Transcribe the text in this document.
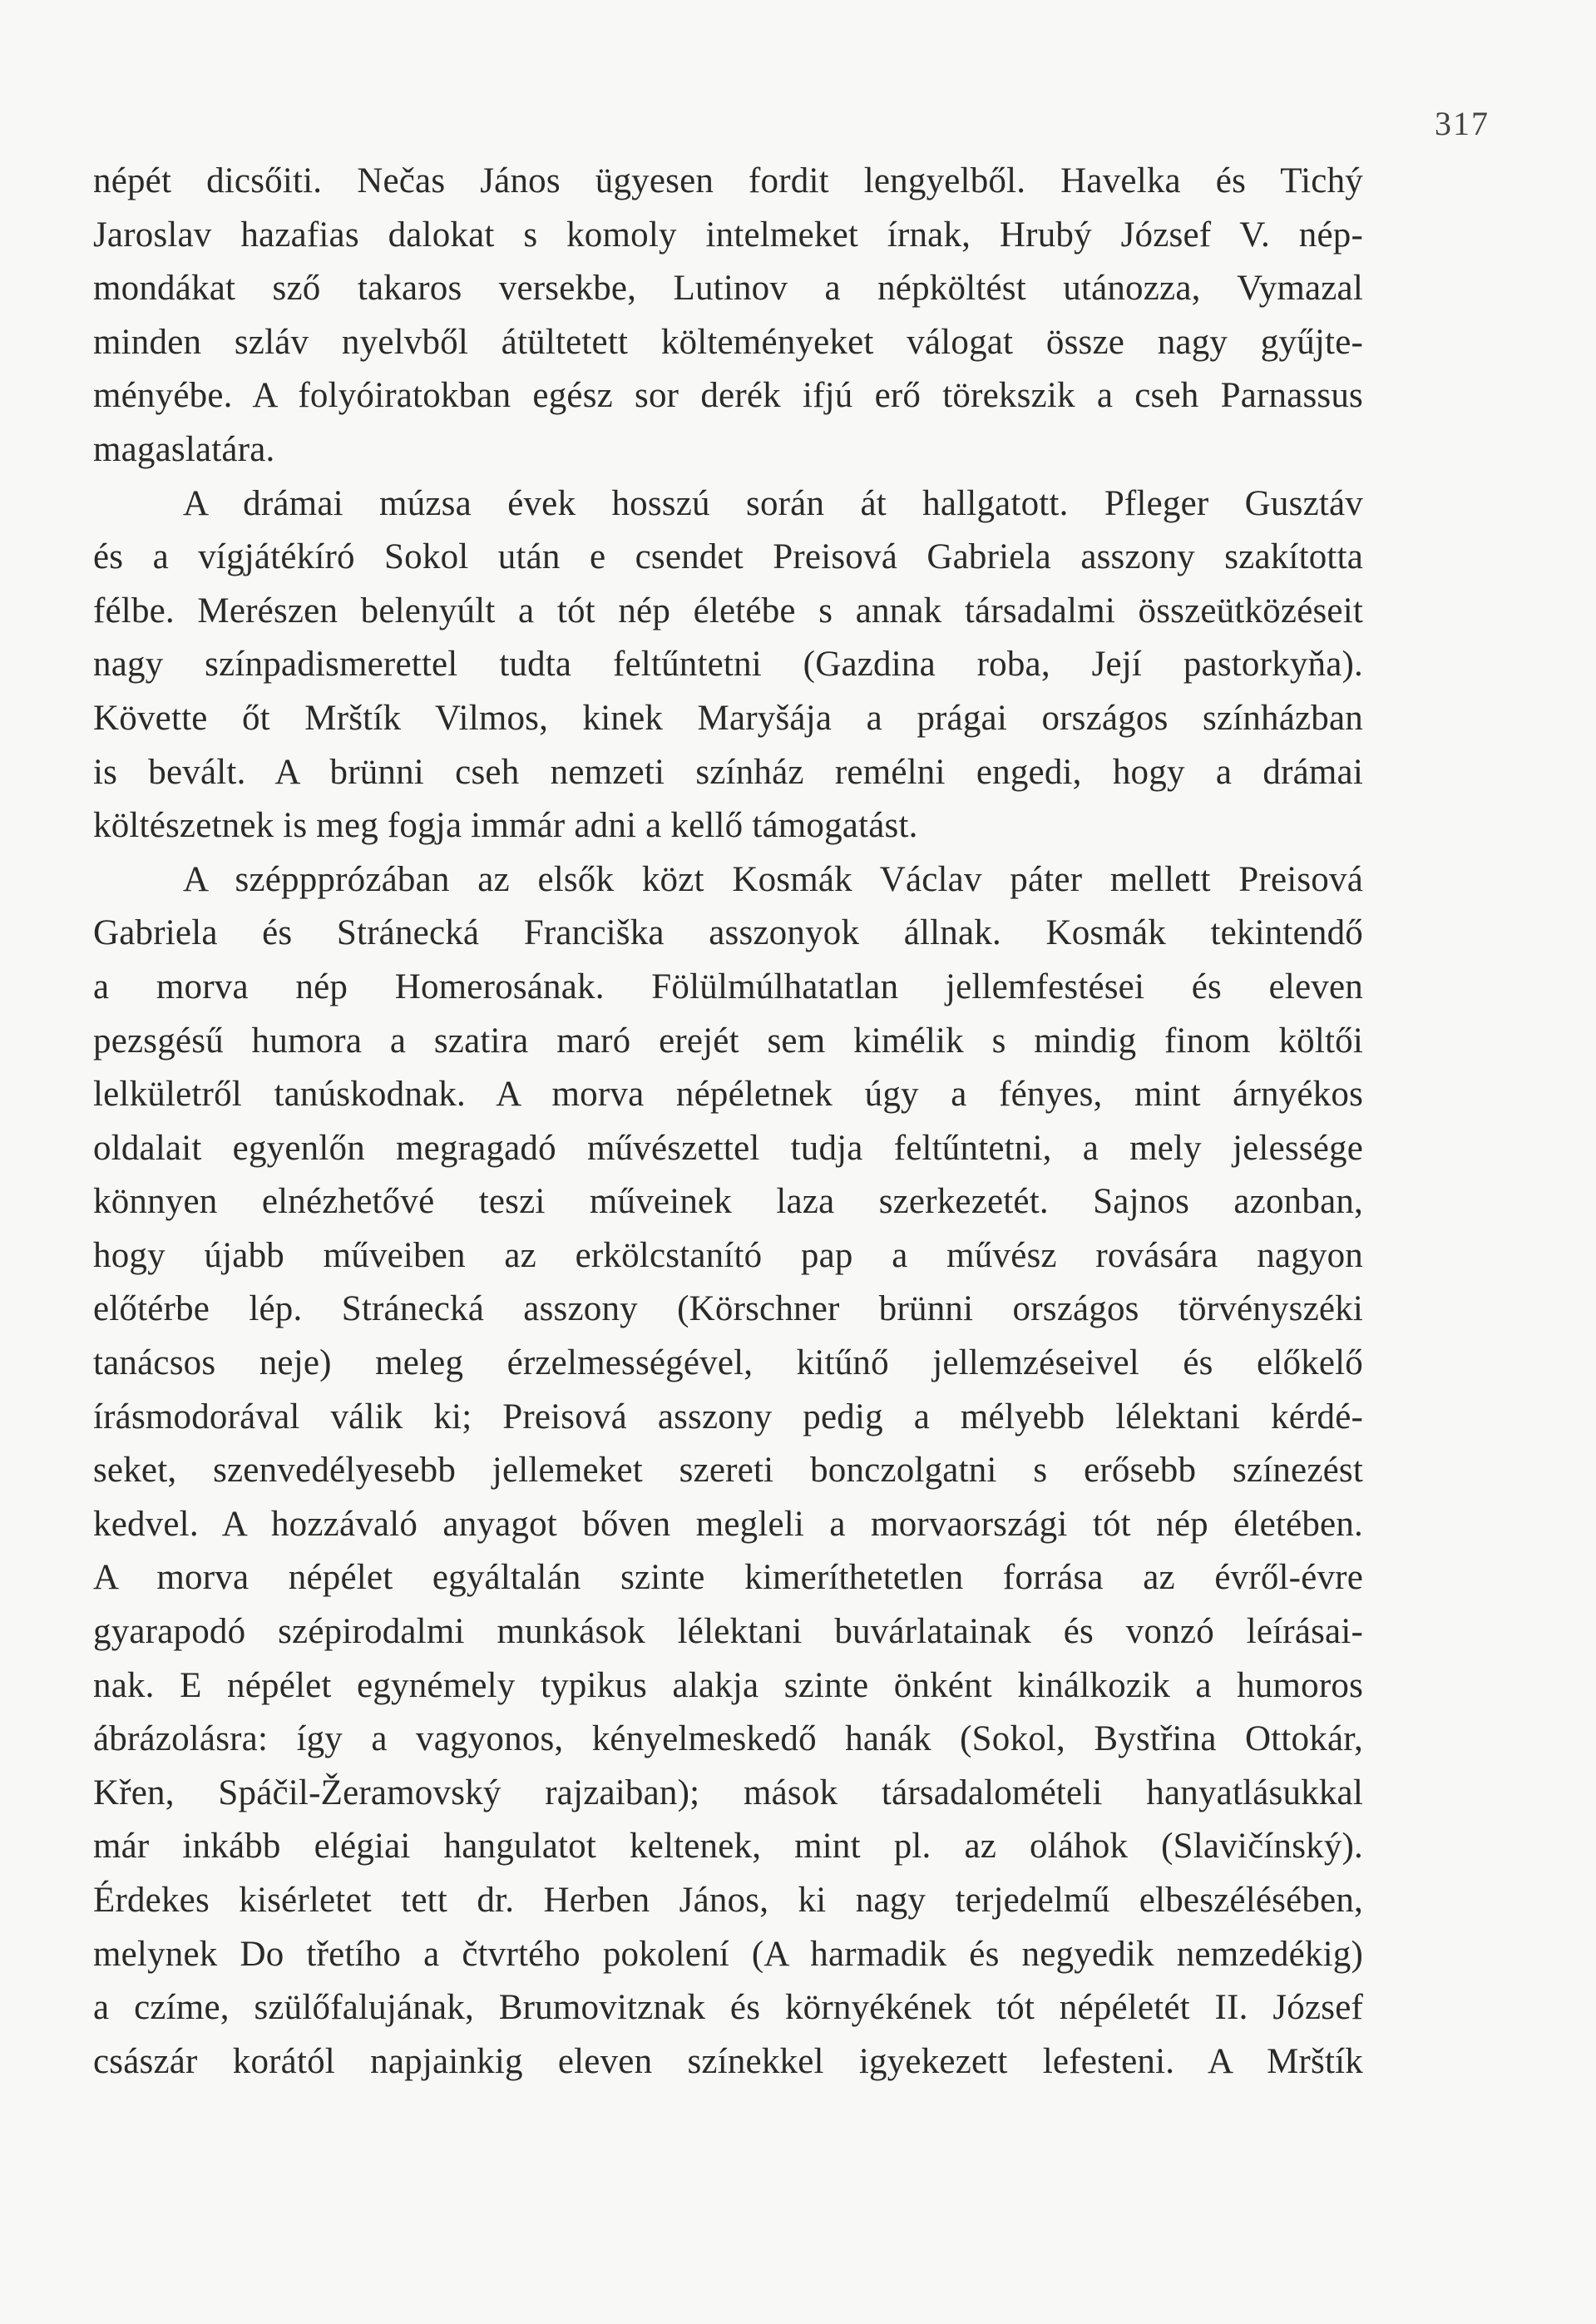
317
népét dicsőiti. Nečas János ügyesen fordit lengyelből. Havelka és Tichý
Jaroslav hazafias dalokat s komoly intelmeket írnak, Hrubý József V. nép-
mondákat sző takaros versekbe, Lutinov a népköltést utánozza, Vymazal
minden szláv nyelvből átültetett költeményeket válogat össze nagy gyűjte-
ményébe. A folyóiratokban egész sor derék ifjú erő törekszik a cseh Parnassus
magaslatára.
A drámai múzsa évek hosszú során át hallgatott. Pfleger Gusztáv
és a vígjátékíró Sokol után e csendet Preisová Gabriela asszony szakította
félbe. Merészen belenyúlt a tót nép életébe s annak társadalmi összeütközéseit
nagy színpadismerettel tudta feltűntetni (Gazdina roba, Její pastorkyňa).
Követte őt Mrštík Vilmos, kinek Maryšája a prágai országos színházban
is bevált. A brünni cseh nemzeti színház remélni engedi, hogy a drámai
költészetnek is meg fogja immár adni a kellő támogatást.
A széppprózában az elsők közt Kosmák Václav páter mellett Preisová
Gabriela és Stránecká Franciška asszonyok állnak. Kosmák tekintendő
a morva nép Homerosának. Fölülmúlhatatlan jellemfestései és eleven
pezsgésű humora a szatira maró erejét sem kimélik s mindig finom költői
lelkületről tanúskodnak. A morva népéletnek úgy a fényes, mint árnyékos
oldalait egyenlőn megragadó művészettel tudja feltűntetni, a mely jelessége
könnyen elnézhetővé teszi műveinek laza szerkezetét. Sajnos azonban,
hogy újabb műveiben az erkölcstanító pap a művész rovására nagyon
előtérbe lép. Stránecká asszony (Körschner brünni országos törvényszéki
tanácsos neje) meleg érzelmességével, kitűnő jellemzéseivel és előkelő
írásmodorával válik ki; Preisová asszony pedig a mélyebb lélektani kérdé-
seket, szenvedélyesebb jellemeket szereti bonczolgatni s erősebb színezést
kedvel. A hozzávaló anyagot bőven megleli a morvaországi tót nép életében.
A morva népélet egyáltalán szinte kimeríthetetlen forrása az évről-évre
gyarapodó szépirodalmi munkások lélektani buvárlatainak és vonzó leírásai-
nak. E népélet egynémely typikus alakja szinte önként kinálkozik a humoros
ábrázolásra: így a vagyonos, kényelmeskedő hanák (Sokol, Bystřina Ottokár,
Křen, Spáčil-Žeramovský rajzaiban); mások társadalomételi hanyatlásukkal
már inkább elégiai hangulatot keltenek, mint pl. az oláhok (Slavičínský).
Érdekes kisérletet tett dr. Herben János, ki nagy terjedelmű elbeszélésében,
melynek Do třetího a čtvrtého pokolení (A harmadik és negyedik nemzedékig)
a czíme, szülőfalujának, Brumovitznak és környékének tót népéletét II. József
császár korától napjainkig eleven színekkel igyekezett lefesteni. A Mrštík
